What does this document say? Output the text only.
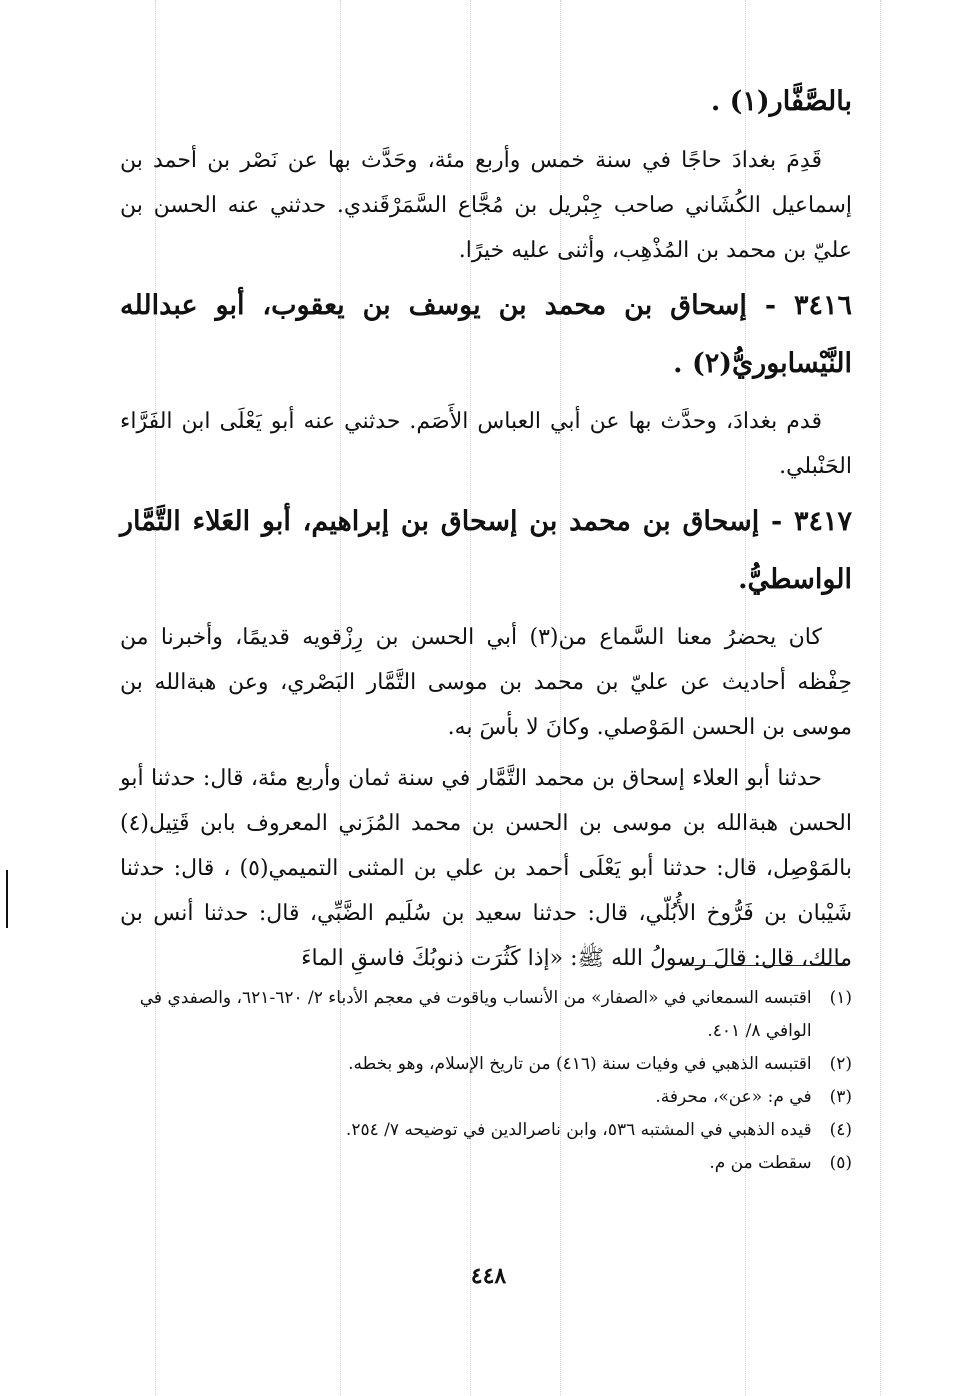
بالصَّفَّار(١) .

قَدِمَ بغدادَ حاجًا في سنة خمس وأربع مئة، وحَدَّث بها عن نَصْر بن أحمد بن إسماعيل الكُشَاني صاحب جِبْريل بن مُجَّاع السَّمَرْقَندي. حدثني عنه الحسن بن عليّ بن محمد بن المُذْهِب، وأثنى عليه خيرًا.

٣٤١٦ - إسحاق بن محمد بن يوسف بن يعقوب، أبو عبدالله النَّيْسابوريُّ(٢) .

قدم بغدادَ، وحدَّث بها عن أبي العباس الأَصَم. حدثني عنه أبو يَعْلَى ابن الفَرَّاء الحَنْبلي.

٣٤١٧ - إسحاق بن محمد بن إسحاق بن إبراهيم، أبو العَلاء التَّمَّار الواسطيُّ.

كان يحضرُ معنا السَّماع من(٣) أبي الحسن بن رِزْقويه قديمًا، وأخبرنا من حِفْظه أحاديث عن عليّ بن محمد بن موسى التَّمَّار البَصْري، وعن هبةالله بن موسى بن الحسن المَوْصلي. وكانَ لا بأسَ به.

حدثنا أبو العلاء إسحاق بن محمد التَّمَّار في سنة ثمان وأربع مئة، قال: حدثنا أبو الحسن هبةالله بن موسى بن الحسن بن محمد المُزَني المعروف بابن قَتِيل(٤) بالمَوْصِل، قال: حدثنا أبو يَعْلَى أحمد بن علي بن المثنى التميمي(٥) ، قال: حدثنا شَيْبان بن فَرُّوخ الأُبُلّي، قال: حدثنا سعيد بن سُلَيم الضَّبِّي، قال: حدثنا أنس بن مالك، قال: قالَ رسولُ الله ﷺ: «إذا كَثُرَت ذنوبُكَ فاسقِ الماءَ

(١)
اقتبسه السمعاني في «الصفار» من الأنساب وياقوت في معجم الأدباء ٢/ ٦٢٠-٦٢١، والصفدي في الوافي ٨/ ٤٠١.
(٢)
اقتبسه الذهبي في وفيات سنة (٤١٦) من تاريخ الإسلام، وهو بخطه.
(٣)
في م: «عن»، محرفة.
(٤)
قيده الذهبي في المشتبه ٥٣٦، وابن ناصرالدين في توضيحه ٧/ ٢٥٤.
(٥)
سقطت من م.
٤٤٨
